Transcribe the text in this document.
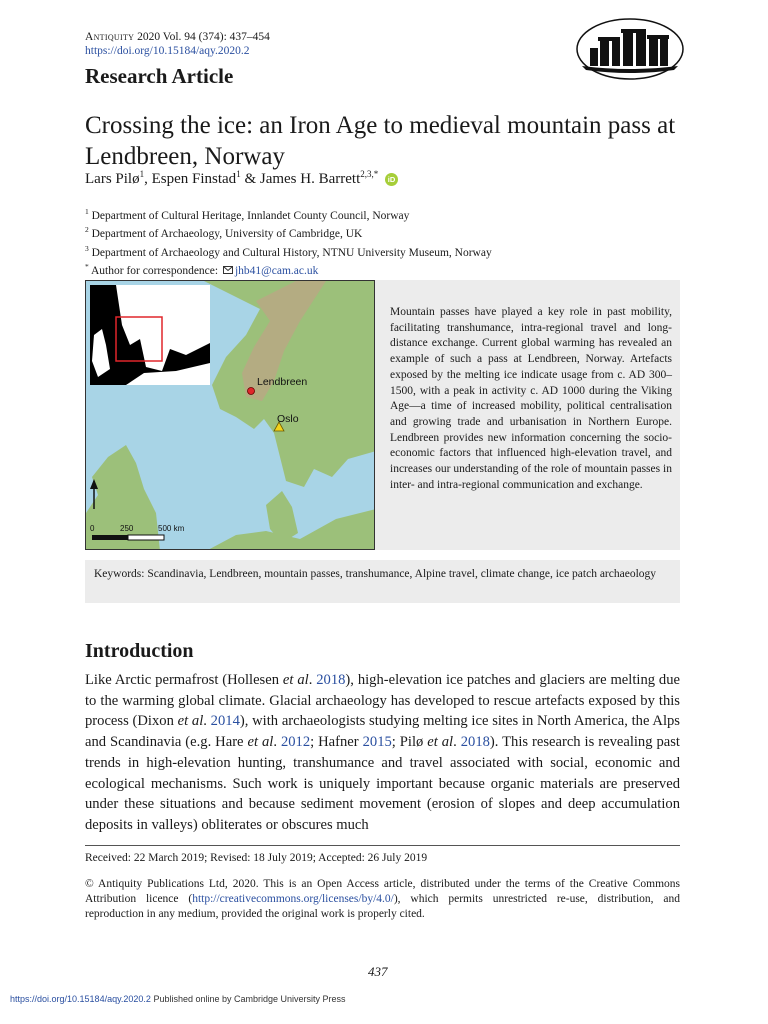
Antiquity 2020 Vol. 94 (374): 437–454
https://doi.org/10.15184/aqy.2020.2
Research Article
Crossing the ice: an Iron Age to medieval mountain pass at Lendbreen, Norway
Lars Pilø$^1$, Espen Finstad$^1$ & James H. Barrett$^{2,3,*}$ iD
$^1$ Department of Cultural Heritage, Innlandet County Council, Norway
$^2$ Department of Archaeology, University of Cambridge, UK
$^3$ Department of Archaeology and Cultural History, NTNU University Museum, Norway
* Author for correspondence: jhb41@cam.ac.uk
Lendbreen
Oslo
0	250	500 km
Mountain passes have played a key role in past mobility, facilitating transhumance, intra-regional travel and long-distance exchange. Current global warming has revealed an example of such a pass at Lendbreen, Norway. Artefacts exposed by the melting ice indicate usage from c. AD 300–1500, with a peak in activity c. AD 1000 during the Viking Age—a time of increased mobility, political centralisation and growing trade and urbanisation in Northern Europe. Lendbreen provides new information concerning the socio-economic factors that influenced high-elevation travel, and increases our understanding of the role of mountain passes in inter- and intra-regional communication and exchange.
Keywords: Scandinavia, Lendbreen, mountain passes, transhumance, Alpine travel, climate change, ice patch archaeology
Introduction
Like Arctic permafrost (Hollesen et al. 2018), high-elevation ice patches and glaciers are melting due to the warming global climate. Glacial archaeology has developed to rescue artefacts exposed by this process (Dixon et al. 2014), with archaeologists studying melting ice sites in North America, the Alps and Scandinavia (e.g. Hare et al. 2012; Hafner 2015; Pilø et al. 2018). This research is revealing past trends in high-elevation hunting, transhumance and travel associated with social, economic and ecological mechanisms. Such work is uniquely important because organic materials are preserved under these situations and because sediment movement (erosion of slopes and deep accumulation deposits in valleys) obliterates or obscures much
Received: 22 March 2019; Revised: 18 July 2019; Accepted: 26 July 2019
© Antiquity Publications Ltd, 2020. This is an Open Access article, distributed under the terms of the Creative Commons Attribution licence (http://creativecommons.org/licenses/by/4.0/), which permits unrestricted re-use, distribution, and reproduction in any medium, provided the original work is properly cited.
437
https://doi.org/10.15184/aqy.2020.2 Published online by Cambridge University Press
